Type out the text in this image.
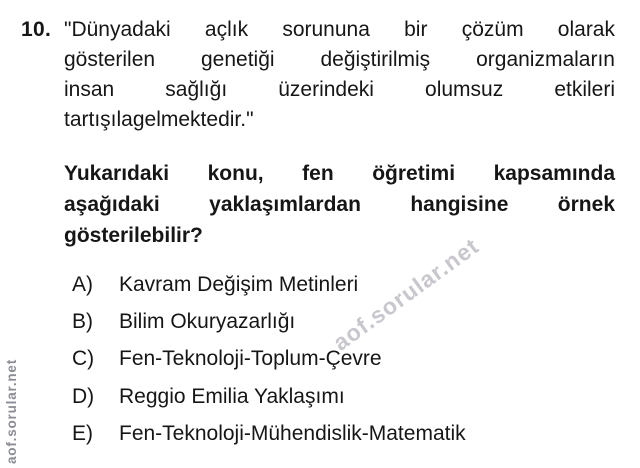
10. "Dünyadaki açlık sorununa bir çözüm olarak
gösterilen genetiği değiştirilmiş organizmaların
insan sağlığı üzerindeki olumsuz etkileri
tartışılagelmektedir."
Yukarıdaki konu, fen öğretimi kapsamında
aşağıdaki yaklaşımlardan hangisine örnek
gösterilebilir?
A)	Kavram Değişim Metinleri
B)	Bilim Okuryazarlığı
C)	Fen-Teknoloji-Toplum-Çevre
D)	Reggio Emilia Yaklaşımı
E)	Fen-Teknoloji-Mühendislik-Matematik
aof.sorular.net
aof.sorular.net
